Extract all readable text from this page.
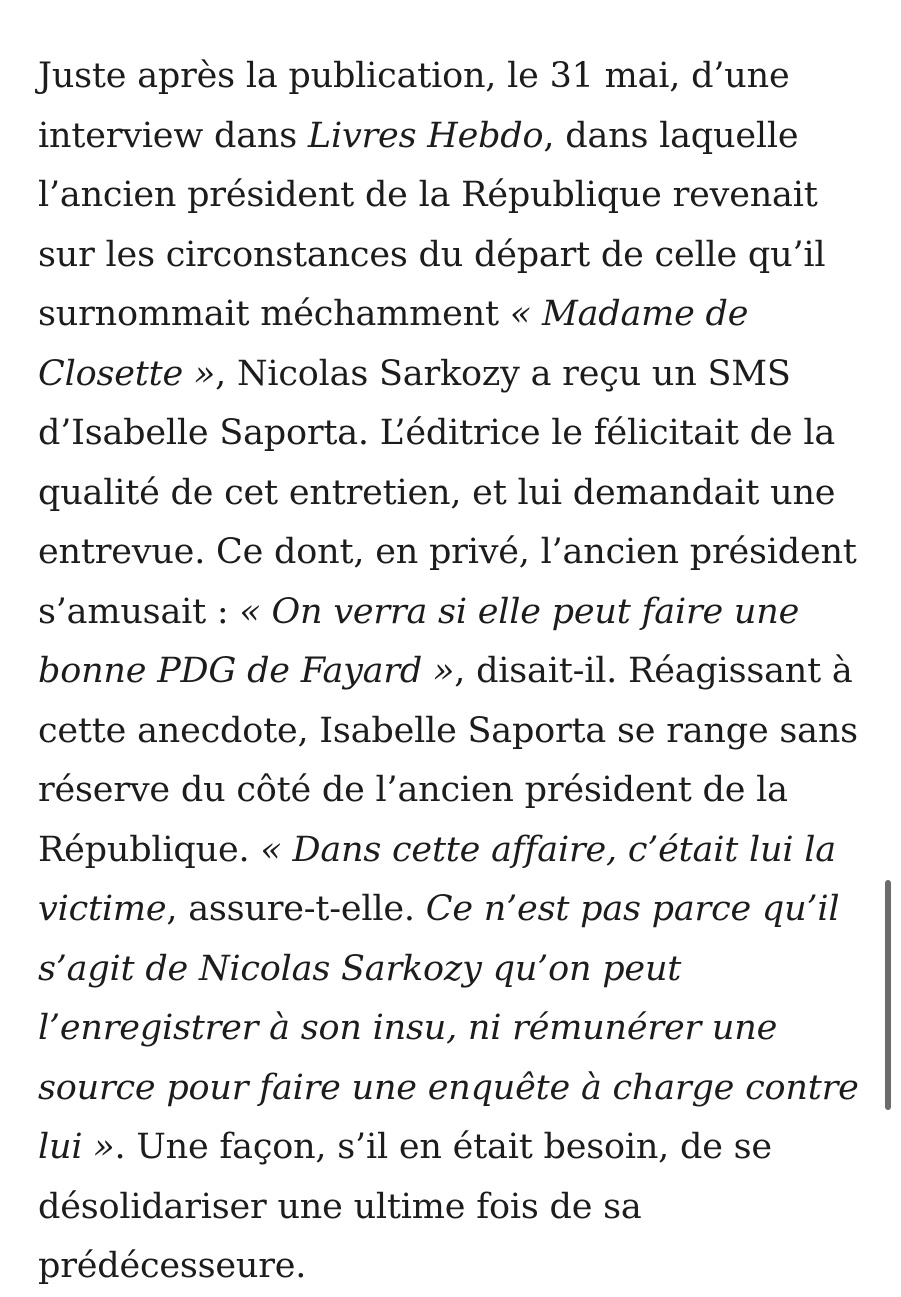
Juste après la publication, le 31 mai, d’une interview dans Livres Hebdo, dans laquelle l’ancien président de la République revenait sur les circonstances du départ de celle qu’il surnommait méchamment « Madame de Closette », Nicolas Sarkozy a reçu un SMS d’Isabelle Saporta. L’éditrice le félicitait de la qualité de cet entretien, et lui demandait une entrevue. Ce dont, en privé, l’ancien président s’amusait : « On verra si elle peut faire une bonne PDG de Fayard », disait-il. Réagissant à cette anecdote, Isabelle Saporta se range sans réserve du côté de l’ancien président de la République. « Dans cette affaire, c’était lui la victime, assure-t-elle. Ce n’est pas parce qu’il s’agit de Nicolas Sarkozy qu’on peut l’enregistrer à son insu, ni rémunérer une source pour faire une enquête à charge contre lui ». Une façon, s’il en était besoin, de se désolidariser une ultime fois de sa prédécesseure.
